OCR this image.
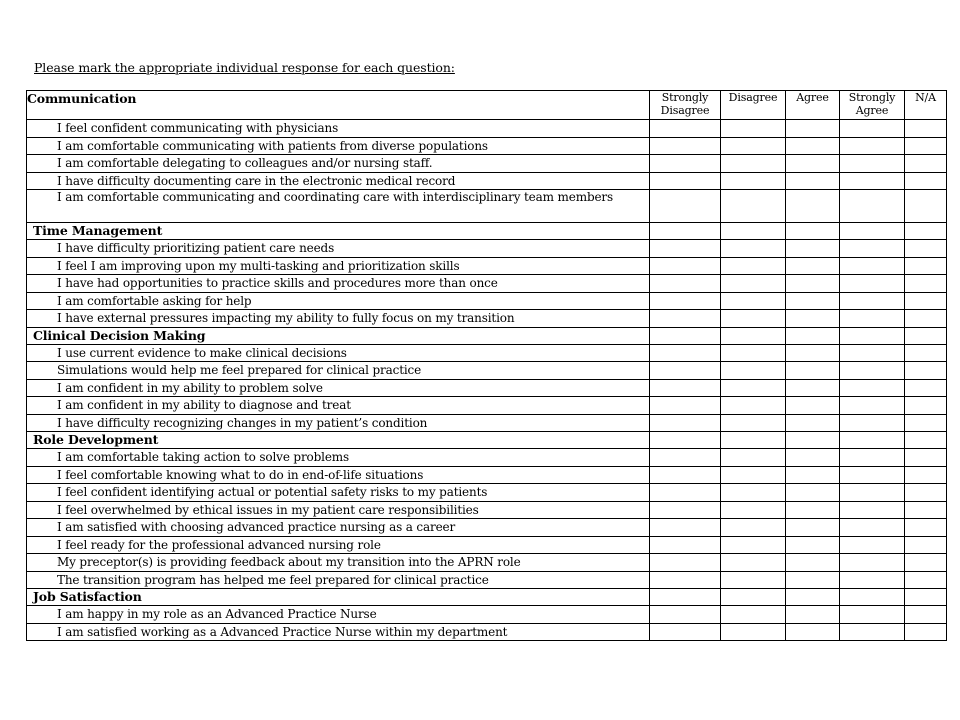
Please mark the appropriate individual response for each question:
Communication	Strongly Disagree	Disagree	Agree	Strongly Agree	N/A
I feel confident communicating with physicians					
I am comfortable communicating with patients from diverse populations					
I am comfortable delegating to colleagues and/or nursing staff.					
I have difficulty documenting care in the electronic medical record					
I am comfortable communicating and coordinating care with interdisciplinary team members					
Time Management					
I have difficulty prioritizing patient care needs					
I feel I am improving upon my multi-tasking and prioritization skills					
I have had opportunities to practice skills and procedures more than once					
I am comfortable asking for help					
I have external pressures impacting my ability to fully focus on my transition					
Clinical Decision Making					
I use current evidence to make clinical decisions					
Simulations would help me feel prepared for clinical practice					
I am confident in my ability to problem solve					
I am confident in my ability to diagnose and treat					
I have difficulty recognizing changes in my patient’s condition					
Role Development					
I am comfortable taking action to solve problems					
I feel comfortable knowing what to do in end-of-life situations					
I feel confident identifying actual or potential safety risks to my patients					
I feel overwhelmed by ethical issues in my patient care responsibilities					
I am satisfied with choosing advanced practice nursing as a career					
I feel ready for the professional advanced nursing role					
My preceptor(s) is providing feedback about my transition into the APRN role					
The transition program has helped me feel prepared for clinical practice					
Job Satisfaction					
I am happy in my role as an Advanced Practice Nurse					
I am satisfied working as a Advanced Practice Nurse within my department					
